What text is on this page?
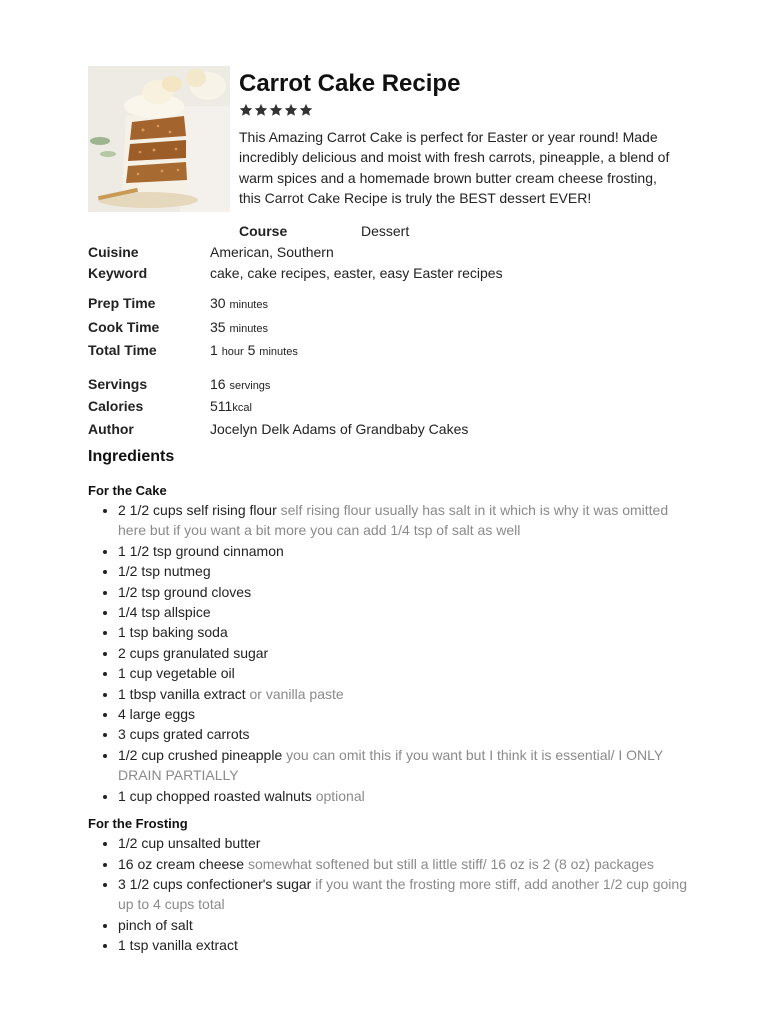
Carrot Cake Recipe

This Amazing Carrot Cake is perfect for Easter or year round! Made incredibly delicious and moist with fresh carrots, pineapple, a blend of warm spices and a homemade brown butter cream cheese frosting, this Carrot Cake Recipe is truly the BEST dessert EVER!

Course	Dessert
Cuisine	American, Southern
Keyword	cake, cake recipes, easter, easy Easter recipes
Prep Time	30 minutes
Cook Time	35 minutes
Total Time	1 hour 5 minutes
Servings	16 servings
Calories	511kcal
Author	Jocelyn Delk Adams of Grandbaby Cakes
Ingredients
For the Cake
• 2 1/2 cups self rising flour self rising flour usually has salt in it which is why it was omitted here but if you want a bit more you can add 1/4 tsp of salt as well
• 1 1/2 tsp ground cinnamon
• 1/2 tsp nutmeg
• 1/2 tsp ground cloves
• 1/4 tsp allspice
• 1 tsp baking soda
• 2 cups granulated sugar
• 1 cup vegetable oil
• 1 tbsp vanilla extract or vanilla paste
• 4 large eggs
• 3 cups grated carrots
• 1/2 cup crushed pineapple you can omit this if you want but I think it is essential/ I ONLY DRAIN PARTIALLY
• 1 cup chopped roasted walnuts optional
For the Frosting
• 1/2 cup unsalted butter
• 16 oz cream cheese somewhat softened but still a little stiff/ 16 oz is 2 (8 oz) packages
• 3 1/2 cups confectioner's sugar if you want the frosting more stiff, add another 1/2 cup going up to 4 cups total
• pinch of salt
• 1 tsp vanilla extract
